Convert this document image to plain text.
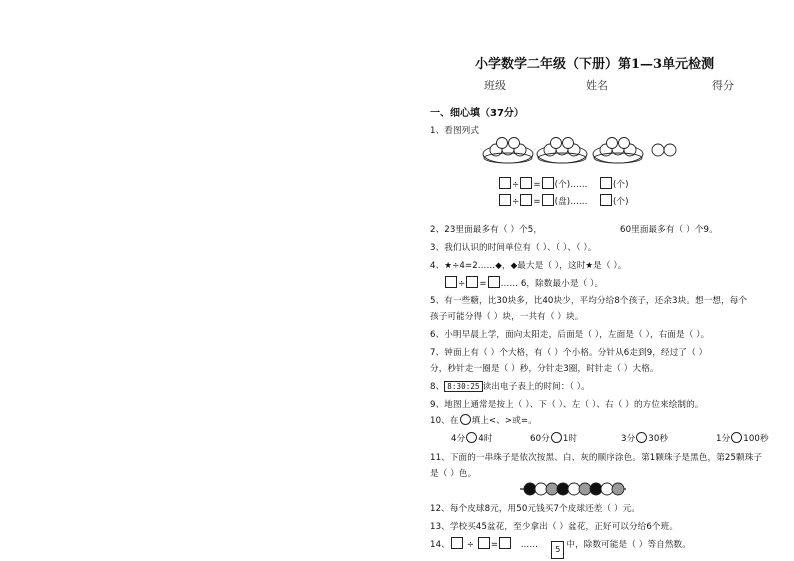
小学数学二年级（下册）第1—3单元检测
班级	姓名	得分
一、细心填（37分）
1、看图列式
÷ = (个)……	(个)
÷ = (盘)……	(个)
2、23里面最多有（ ）个5，	60里面最多有（ ）个9。
3、我们认识的时间单位有（ ）、（ ）、（ ）。
4、★÷4=2……◆，◆最大是（ ），这时★是（ ）。
÷ = …… 6，除数最小是（ ）。
5、有一些糖，比30块多，比40块少，平均分给8个孩子，还余3块。想一想，每个
孩子可能分得（ ）块，一共有（ ）块。
6、小明早晨上学，面向太阳走，后面是（ ），左面是（ ），右面是（ ）。
7、钟面上有（ ）个大格，有（ ）个小格。分针从6走到9，经过了（ ）
分，秒针走一圈是（ ）秒，分针走3圈，时针走（ ）大格。
8、 8:30:25 读出电子表上的时间：（ ）。
9、地图上通常是按上（ ）、下（ ）、左（ ）、右（ ）的方位来绘制的。
10、在 填上<、>或=。
4分 4时	60分 1时	3分 30秒	1分 100秒
11、下面的一串珠子是依次按黑、白、灰的顺序涂色。第1颗珠子是黑色，第25颗珠子
是（ ）色。
12、每个皮球8元，用50元钱买7个皮球还差（ ）元。
13、学校买45盆花，至少拿出（ ）盆花，正好可以分给6个班。
14、 ÷ =	…… 5 中，除数可能是（ ）等自然数。
